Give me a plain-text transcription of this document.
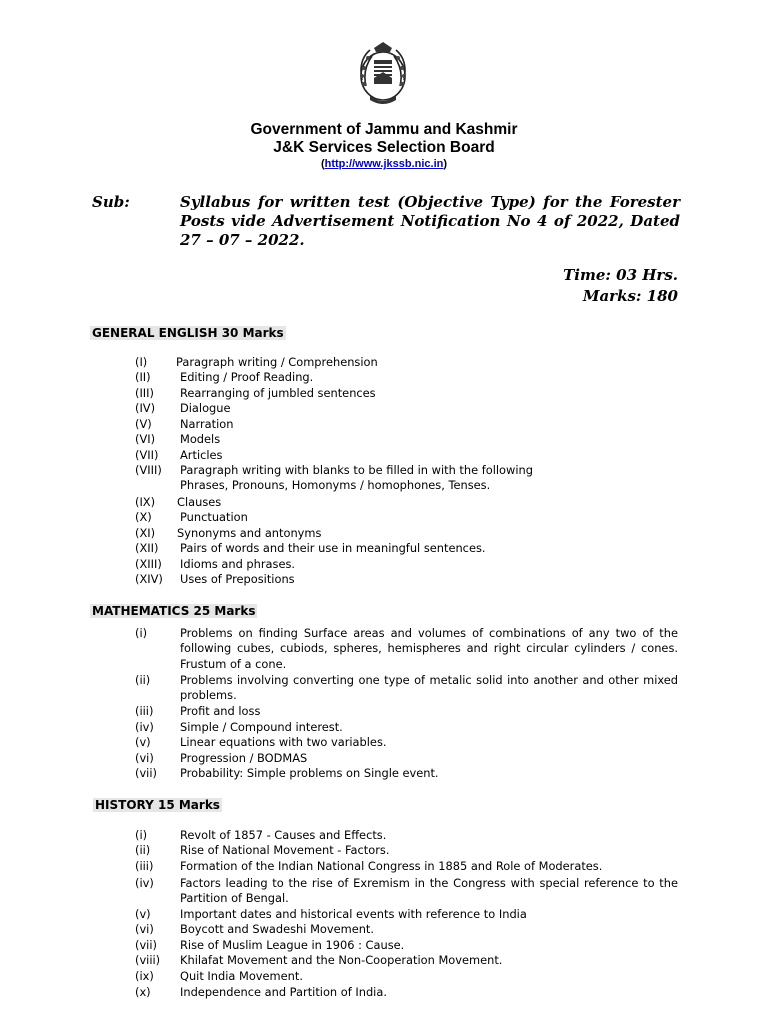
Government of Jammu and Kashmir
J&K Services Selection Board
(http://www.jkssb.nic.in)
Sub:	Syllabus for written test (Objective Type) for the Forester Posts vide Advertisement Notification No 4 of 2022, Dated 27 – 07 – 2022.
Time: 03 Hrs.
Marks: 180
GENERAL ENGLISH 30 Marks
(I)	Paragraph writing / Comprehension
(II)	Editing / Proof Reading.
(III) Rearranging of jumbled sentences
(IV) Dialogue
(V) Narration
(VI) Models
(VII) Articles
(VIII) Paragraph writing with blanks to be filled in with the following Phrases, Pronouns, Homonyms / homophones, Tenses.
(IX) Clauses
(X) Punctuation
(XI) Synonyms and antonyms
(XII) Pairs of words and their use in meaningful sentences.
(XIII) Idioms and phrases.
(XIV) Uses of Prepositions
MATHEMATICS 25 Marks
(i)	Problems on finding Surface areas and volumes of combinations of any two of the following cubes, cubiods, spheres, hemispheres and right circular cylinders / cones. Frustum of a cone.
(ii)	Problems involving converting one type of metalic solid into another and other mixed problems.
(iii) Profit and loss
(iv) Simple / Compound interest.
(v)	Linear equations with two variables.
(vi) Progression / BODMAS
(vii) Probability: Simple problems on Single event.
HISTORY 15 Marks
(i)	Revolt of 1857 - Causes and Effects.
(ii)	Rise of National Movement - Factors.
(iii) Formation of the Indian National Congress in 1885 and Role of Moderates.
(iv) Factors leading to the rise of Exremism in the Congress with special reference to the Partition of Bengal.
(v)	Important dates and historical events with reference to India
(vi) Boycott and Swadeshi Movement.
(vii) Rise of Muslim League in 1906 : Cause.
(viii) Khilafat Movement and the Non-Cooperation Movement.
(ix) Quit India Movement.
(x)	Independence and Partition of India.
